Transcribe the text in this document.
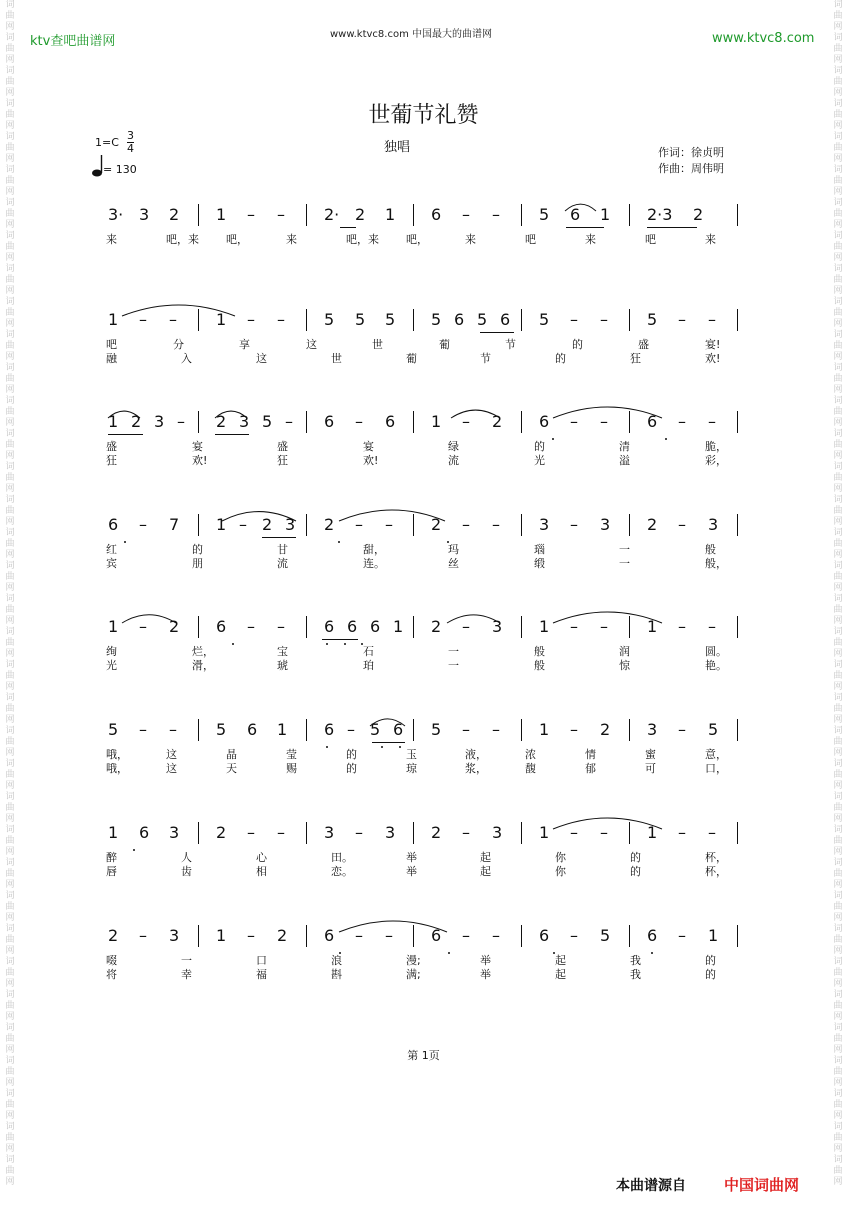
词曲网词曲网词曲网词曲网词曲网词曲网词曲网词曲网词曲网词曲网词曲网词曲网词曲网词曲网词曲网词曲网词曲网词曲网词曲网词曲网词曲网词曲网词曲网词曲网词曲网词曲网词曲网词曲网词曲网词曲网词曲网词曲网词曲网词曲网词曲网词曲网
词曲网词曲网词曲网词曲网词曲网词曲网词曲网词曲网词曲网词曲网词曲网词曲网词曲网词曲网词曲网词曲网词曲网词曲网词曲网词曲网词曲网词曲网词曲网词曲网词曲网词曲网词曲网词曲网词曲网词曲网词曲网词曲网词曲网词曲网词曲网词曲网
ktv查吧曲谱网	www.ktvc8.com 中国最大的曲谱网	www.ktvc8.com
世葡节礼赞
$1=C \frac{3}{4}$
= 130
独唱	作词：徐贞明
作曲：周伟明
3· 3 2 1 – – 2· 2 1 6 – – 5 6 1 2·3 2
来	吧，来 吧，	来	吧，来 吧，	来	吧	来	吧	来
1 – – 1 – – 5 5 5 5 6 5 6 5 – – 5 – –
吧	分	享	这	世	葡	节	的	盛	宴!
融	入	这	世	葡	节	的	狂	欢!
1 2 3 – 2 3 5 – 6 – 6 1 – 2 6 – – 6 – –
盛	宴	盛	宴	绿	的	清	脆，
狂	欢!	狂	欢!	流	光	溢	彩，
6 – 7 1 – 2 3 2 – – 2 – – 3 – 3 2 – 3
红	的	甘	甜，	玛	瑙	一	般
宾	朋	流	连。	丝	缎	一	般，
1 – 2 6 – – 6 6 6 1 2 – 3 1 – – 1 – –
绚	烂，	宝	石	一	般	润	圆。
光	滑，	琥	珀	一	般	惊	艳。
5 – – 5 6 1 6 – 5 6 5 – – 1 – 2 3 – 5
哦，	这	晶	莹	的	玉	液，	浓	情	蜜	意，
哦，	这	天	赐	的	琼	浆，	馥	郁	可	口，
1 6 3 2 – – 3 – 3 2 – 3 1 – – 1 – –
醉	人	心	田。	举	起	你	的	杯，
唇	齿	相	恋。	举	起	你	的	杯，
2 – 3 1 – 2 6 – – 6 – – 6 – 5 6 – 1
啜	一	口	浪	漫;	举	起	我	的
将	幸	福	斟	满;	举	起	我	的
第 1页
本曲谱源自	中国词曲网
